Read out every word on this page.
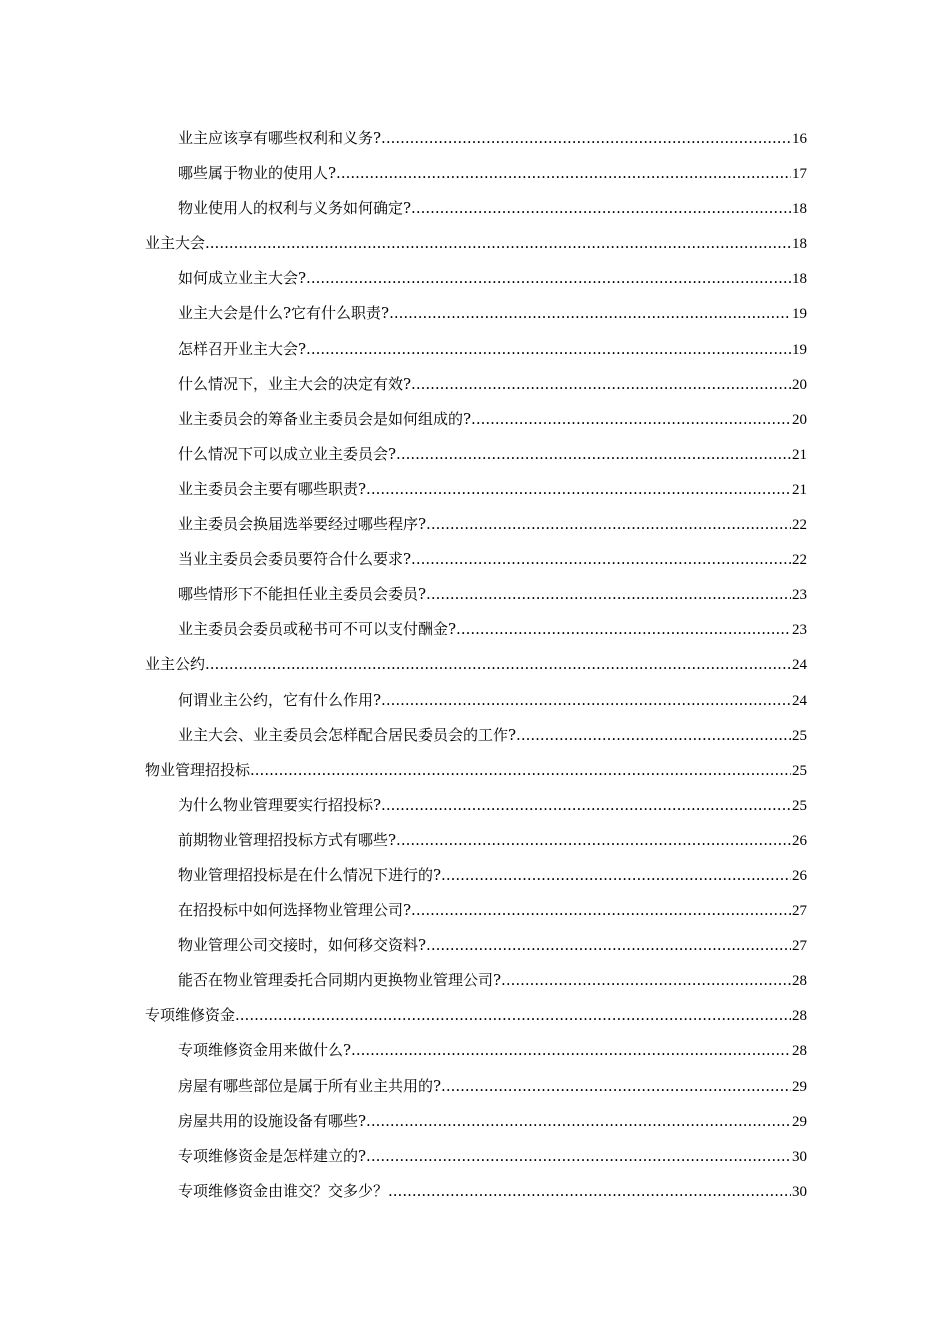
业主应该享有哪些权利和义务? .....	16
哪些属于物业的使用人? .....	17
物业使用人的权利与义务如何确定? .....	18
业主大会 .....	18
如何成立业主大会? .....	18
业主大会是什么?它有什么职责? .....	19
怎样召开业主大会? .....	19
什么情况下，业主大会的决定有效? .....	20
业主委员会的筹备业主委员会是如何组成的? .....	20
什么情况下可以成立业主委员会? .....	21
业主委员会主要有哪些职责? .....	21
业主委员会换届选举要经过哪些程序? .....	22
当业主委员会委员要符合什么要求? .....	22
哪些情形下不能担任业主委员会委员? .....	23
业主委员会委员或秘书可不可以支付酬金? .....	23
业主公约 .....	24
何谓业主公约，它有什么作用? .....	24
业主大会、业主委员会怎样配合居民委员会的工作? .....	25
物业管理招投标 .....	25
为什么物业管理要实行招投标? .....	25
前期物业管理招投标方式有哪些? .....	26
物业管理招投标是在什么情况下进行的? .....	26
在招投标中如何选择物业管理公司? .....	27
物业管理公司交接时，如何移交资料? .....	27
能否在物业管理委托合同期内更换物业管理公司? .....	28
专项维修资金 .....	28
专项维修资金用来做什么? .....	28
房屋有哪些部位是属于所有业主共用的? .....	29
房屋共用的设施设备有哪些? .....	29
专项维修资金是怎样建立的? .....	30
专项维修资金由谁交？交多少？ .....	30
